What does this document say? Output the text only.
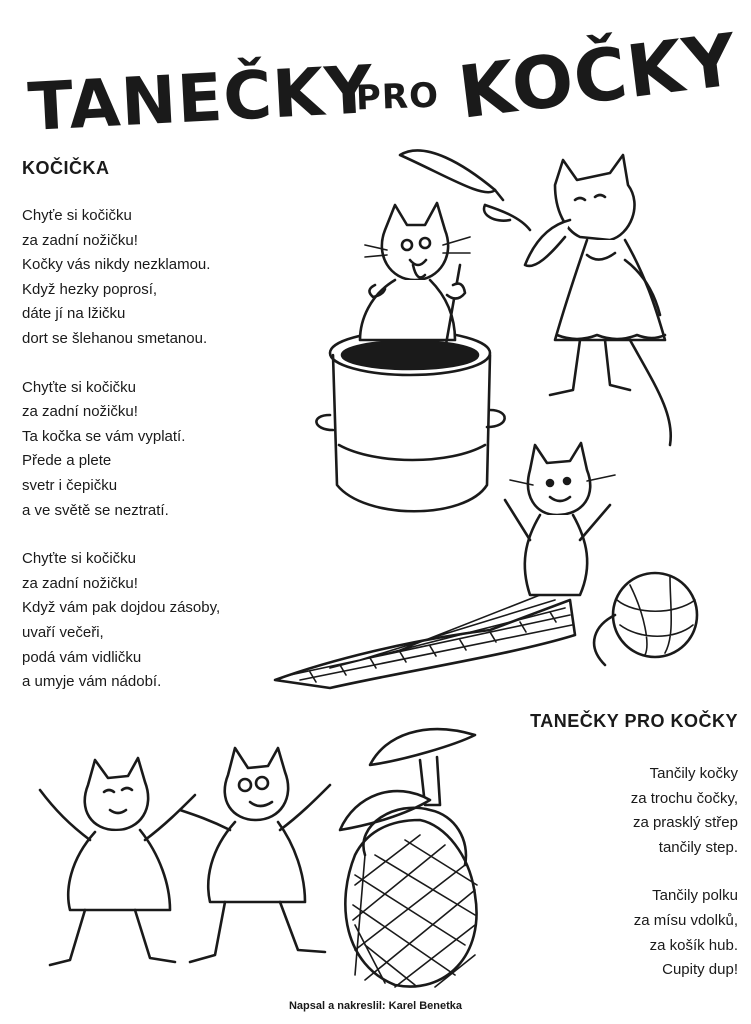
TANEČKY
PRO KOČKY
KOČIČKA
Chyťe si kočičku
za zadní nožičku!
Kočky vás nikdy nezklamou.
Když hezky poprosí,
dáte jí na lžičku
dort se šlehanou smetanou.
Chyťte si kočičku
za zadní nožičku!
Ta kočka se vám vyplatí.
Přede a plete
svetr i čepičku
a ve světě se neztratí.
Chyťte si kočičku
za zadní nožičku!
Když vám pak dojdou zásoby,
uvaří večeři,
podá vám vidličku
a umyje vám nádobí.
TANEČKY PRO KOČKY
Tančily kočky
za trochu čočky,
za prasklý střep
tančily step.
Tančily polku
za mísu vdolků,
za košík hub.
Cupity dup!
Napsal a nakreslil: Karel Benetka
